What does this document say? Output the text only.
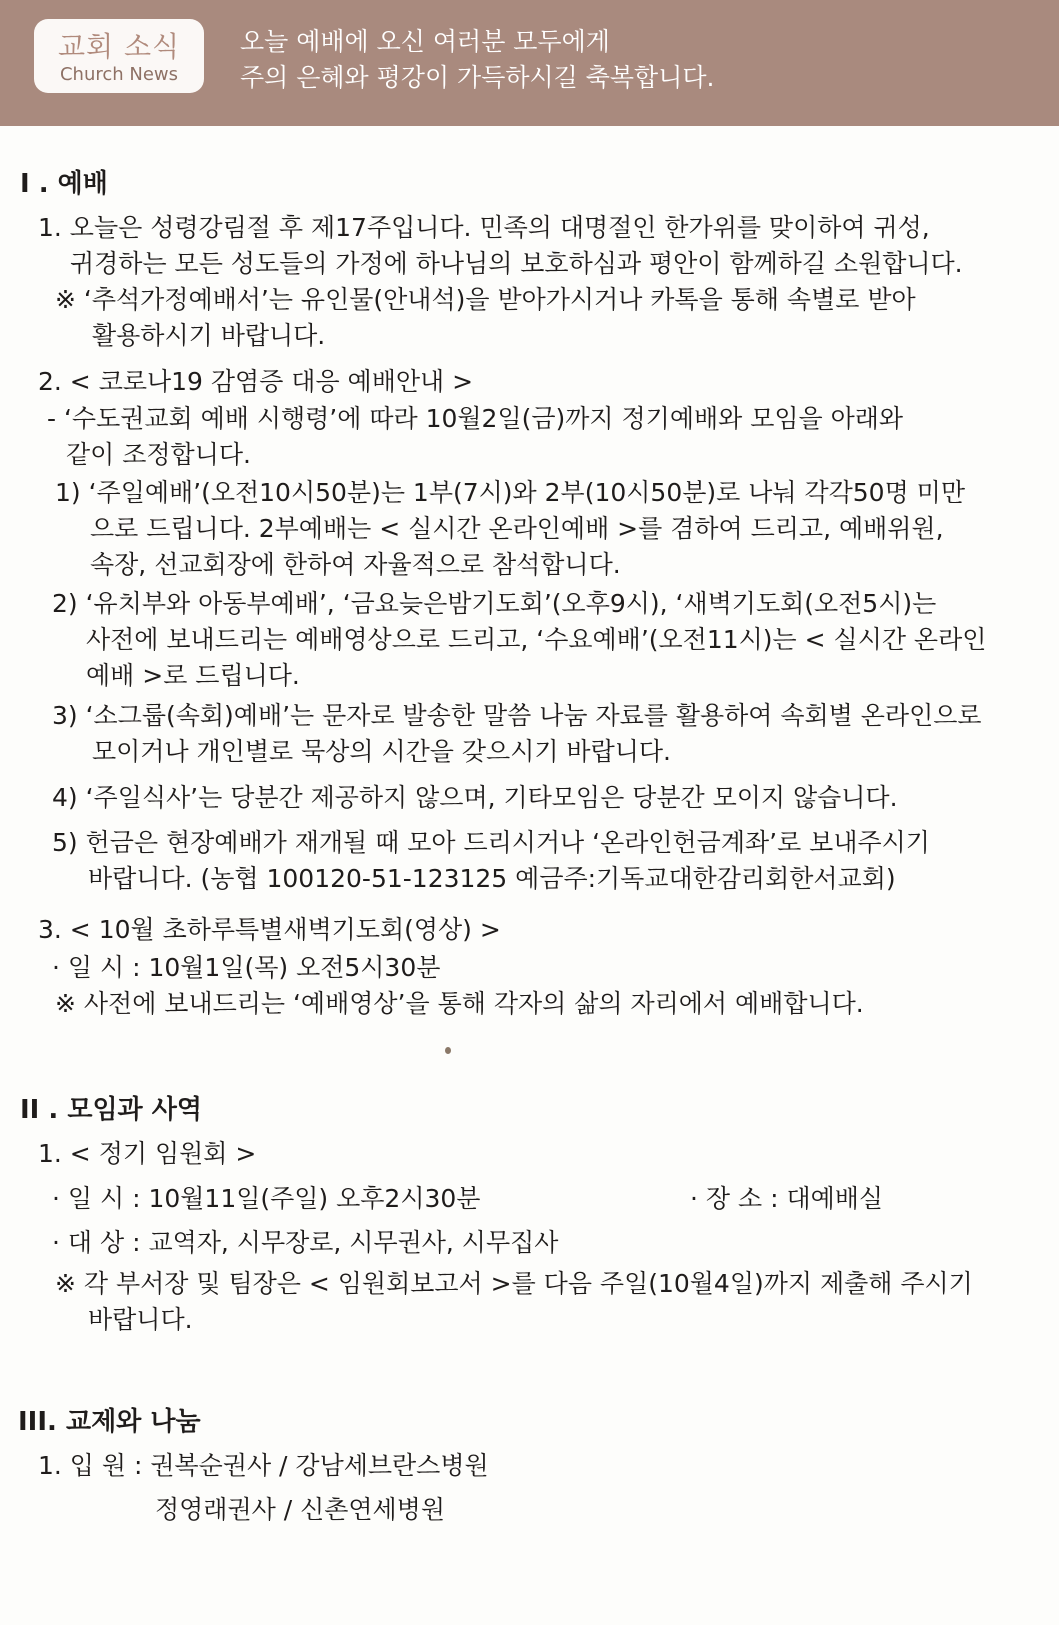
교회 소식
Church News
오늘 예배에 오신 여러분 모두에게
주의 은혜와 평강이 가득하시길 축복합니다.
I . 예배
1. 오늘은 성령강림절 후 제17주입니다. 민족의 대명절인 한가위를 맞이하여 귀성,
귀경하는 모든 성도들의 가정에 하나님의 보호하심과 평안이 함께하길 소원합니다.
※ ‘추석가정예배서’는 유인물(안내석)을 받아가시거나 카톡을 통해 속별로 받아
활용하시기 바랍니다.
2. < 코로나19 감염증 대응 예배안내 >
- ‘수도권교회 예배 시행령’에 따라 10월2일(금)까지 정기예배와 모임을 아래와
같이 조정합니다.
1) ‘주일예배’(오전10시50분)는 1부(7시)와 2부(10시50분)로 나눠 각각50명 미만
으로 드립니다. 2부예배는 < 실시간 온라인예배 >를 겸하여 드리고, 예배위원,
속장, 선교회장에 한하여 자율적으로 참석합니다.
2) ‘유치부와 아동부예배’, ‘금요늦은밤기도회’(오후9시), ‘새벽기도회(오전5시)는
사전에 보내드리는 예배영상으로 드리고, ‘수요예배’(오전11시)는 < 실시간 온라인
예배 >로 드립니다.
3) ‘소그룹(속회)예배’는 문자로 발송한 말씀 나눔 자료를 활용하여 속회별 온라인으로
모이거나 개인별로 묵상의 시간을 갖으시기 바랍니다.
4) ‘주일식사’는 당분간 제공하지 않으며, 기타모임은 당분간 모이지 않습니다.
5) 헌금은 현장예배가 재개될 때 모아 드리시거나 ‘온라인헌금계좌’로 보내주시기
바랍니다. (농협 100120-51-123125 예금주:기독교대한감리회한서교회)
3. < 10월 초하루특별새벽기도회(영상) >
· 일 시 : 10월1일(목) 오전5시30분
※ 사전에 보내드리는 ‘예배영상’을 통해 각자의 삶의 자리에서 예배합니다.
II . 모임과 사역
1. < 정기 임원회 >
· 일 시 : 10월11일(주일) 오후2시30분	· 장 소 : 대예배실
· 대 상 : 교역자, 시무장로, 시무권사, 시무집사
※ 각 부서장 및 팀장은 < 임원회보고서 >를 다음 주일(10월4일)까지 제출해 주시기
바랍니다.
III. 교제와 나눔
1. 입 원 : 권복순권사 / 강남세브란스병원
정영래권사 / 신촌연세병원
